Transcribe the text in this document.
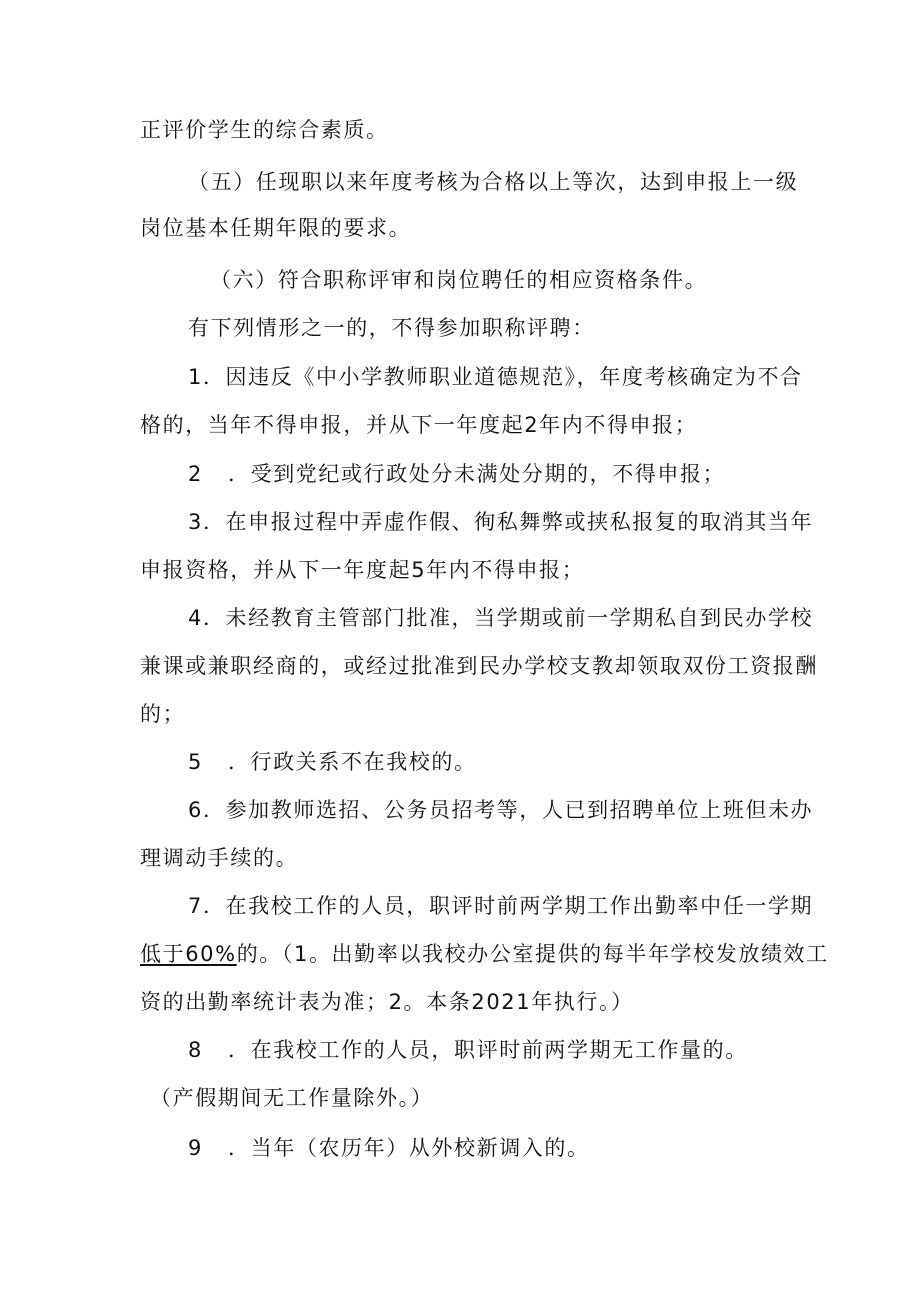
正评价学生的综合素质。
（五）任现职以来年度考核为合格以上等次，达到申报上一级
岗位基本任期年限的要求。
（六）符合职称评审和岗位聘任的相应资格条件。
有下列情形之一的，不得参加职称评聘：
1．因违反《中小学教师职业道德规范》，年度考核确定为不合
格的，当年不得申报，并从下一年度起2年内不得申报；
2 ．受到党纪或行政处分未满处分期的，不得申报；
3．在申报过程中弄虚作假、徇私舞弊或挟私报复的取消其当年
申报资格，并从下一年度起5年内不得申报；
4．未经教育主管部门批准，当学期或前一学期私自到民办学校
兼课或兼职经商的，或经过批准到民办学校支教却领取双份工资报酬
的；
5 ．行政关系不在我校的。
6．参加教师选招、公务员招考等，人已到招聘单位上班但未办
理调动手续的。
7．在我校工作的人员，职评时前两学期工作出勤率中任一学期
低于60%的。（1。出勤率以我校办公室提供的每半年学校发放绩效工
资的出勤率统计表为准；2。本条2021年执行。）
8 ．在我校工作的人员，职评时前两学期无工作量的。
（产假期间无工作量除外。）
9 ．当年（农历年）从外校新调入的。
